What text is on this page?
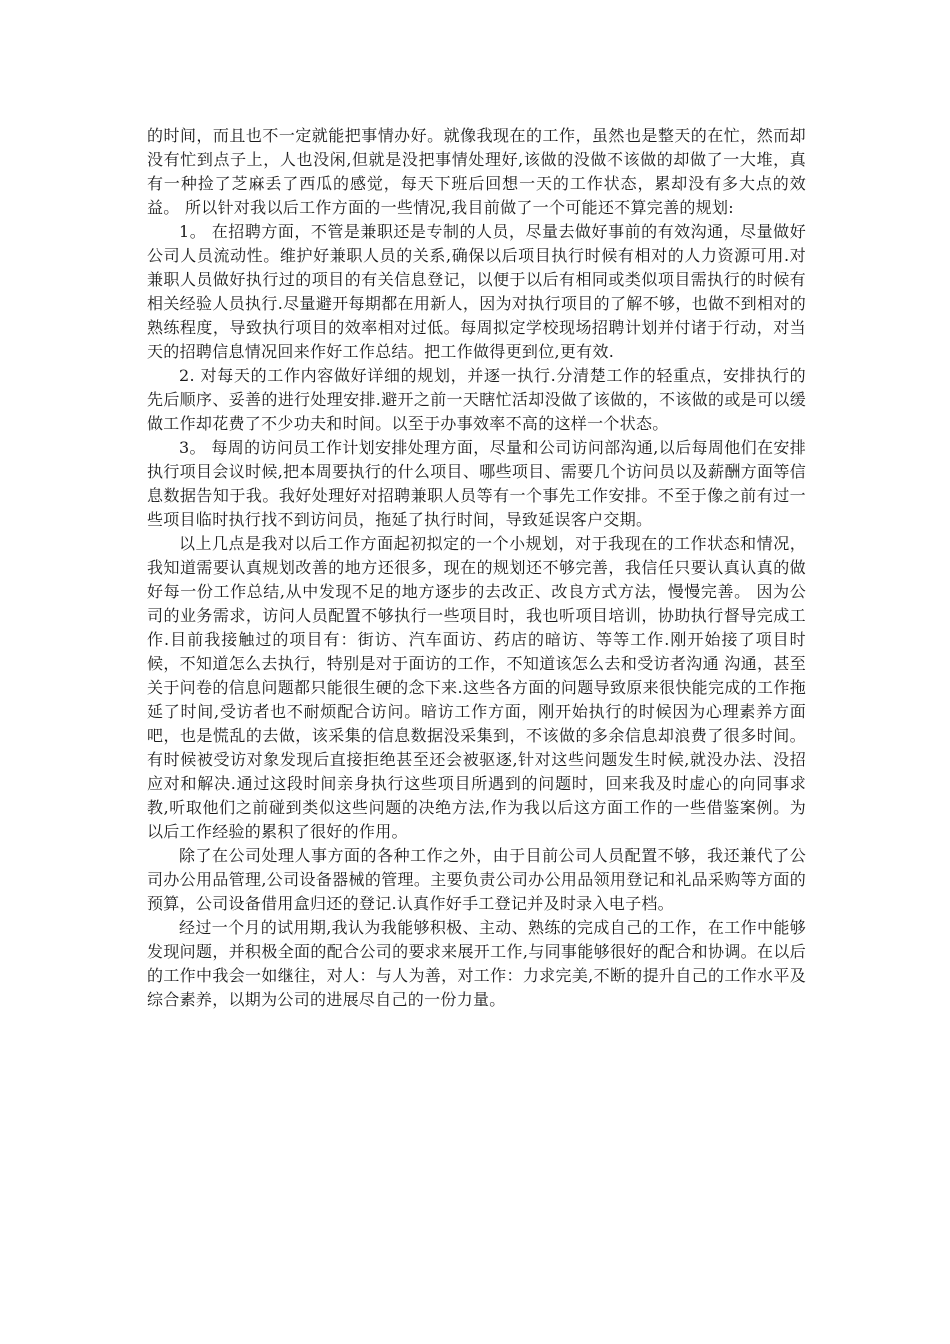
的时间，而且也不一定就能把事情办好。就像我现在的工作，虽然也是整天的在忙，然而却没有忙到点子上，人也没闲,但就是没把事情处理好,该做的没做不该做的却做了一大堆，真有一种捡了芝麻丢了西瓜的感觉，每天下班后回想一天的工作状态，累却没有多大点的效益。 所以针对我以后工作方面的一些情况,我目前做了一个可能还不算完善的规划:

1。 在招聘方面，不管是兼职还是专制的人员，尽量去做好事前的有效沟通，尽量做好公司人员流动性。维护好兼职人员的关系,确保以后项目执行时候有相对的人力资源可用.对兼职人员做好执行过的项目的有关信息登记，以便于以后有相同或类似项目需执行的时候有相关经验人员执行.尽量避开每期都在用新人，因为对执行项目的了解不够，也做不到相对的熟练程度，导致执行项目的效率相对过低。每周拟定学校现场招聘计划并付诸于行动，对当天的招聘信息情况回来作好工作总结。把工作做得更到位,更有效.

2. 对每天的工作内容做好详细的规划，并逐一执行.分清楚工作的轻重点，安排执行的先后顺序、妥善的进行处理安排.避开之前一天瞎忙活却没做了该做的，不该做的或是可以缓做工作却花费了不少功夫和时间。以至于办事效率不高的这样一个状态。

3。 每周的访问员工作计划安排处理方面，尽量和公司访问部沟通,以后每周他们在安排执行项目会议时候,把本周要执行的什么项目、哪些项目、需要几个访问员以及薪酬方面等信息数据告知于我。我好处理好对招聘兼职人员等有一个事先工作安排。不至于像之前有过一些项目临时执行找不到访问员，拖延了执行时间，导致延误客户交期。

以上几点是我对以后工作方面起初拟定的一个小规划，对于我现在的工作状态和情况，我知道需要认真规划改善的地方还很多，现在的规划还不够完善，我信任只要认真认真的做好每一份工作总结,从中发现不足的地方逐步的去改正、改良方式方法，慢慢完善。 因为公司的业务需求，访问人员配置不够执行一些项目时，我也听项目培训，协助执行督导完成工作.目前我接触过的项目有：街访、汽车面访、药店的暗访、等等工作.刚开始接了项目时候，不知道怎么去执行，特别是对于面访的工作，不知道该怎么去和受访者沟通 沟通，甚至关于问卷的信息问题都只能很生硬的念下来.这些各方面的问题导致原来很快能完成的工作拖延了时间,受访者也不耐烦配合访问。暗访工作方面，刚开始执行的时候因为心理素养方面吧，也是慌乱的去做，该采集的信息数据没采集到，不该做的多余信息却浪费了很多时间。有时候被受访对象发现后直接拒绝甚至还会被驱逐,针对这些问题发生时候,就没办法、没招应对和解决.通过这段时间亲身执行这些项目所遇到的问题时，回来我及时虚心的向同事求教,听取他们之前碰到类似这些问题的决绝方法,作为我以后这方面工作的一些借鉴案例。为以后工作经验的累积了很好的作用。

除了在公司处理人事方面的各种工作之外，由于目前公司人员配置不够，我还兼代了公司办公用品管理,公司设备器械的管理。主要负责公司办公用品领用登记和礼品采购等方面的预算，公司设备借用盒归还的登记.认真作好手工登记并及时录入电子档。

经过一个月的试用期,我认为我能够积极、主动、熟练的完成自己的工作，在工作中能够发现问题，并积极全面的配合公司的要求来展开工作,与同事能够很好的配合和协调。在以后的工作中我会一如继往，对人：与人为善，对工作：力求完美,不断的提升自己的工作水平及综合素养，以期为公司的进展尽自己的一份力量。
